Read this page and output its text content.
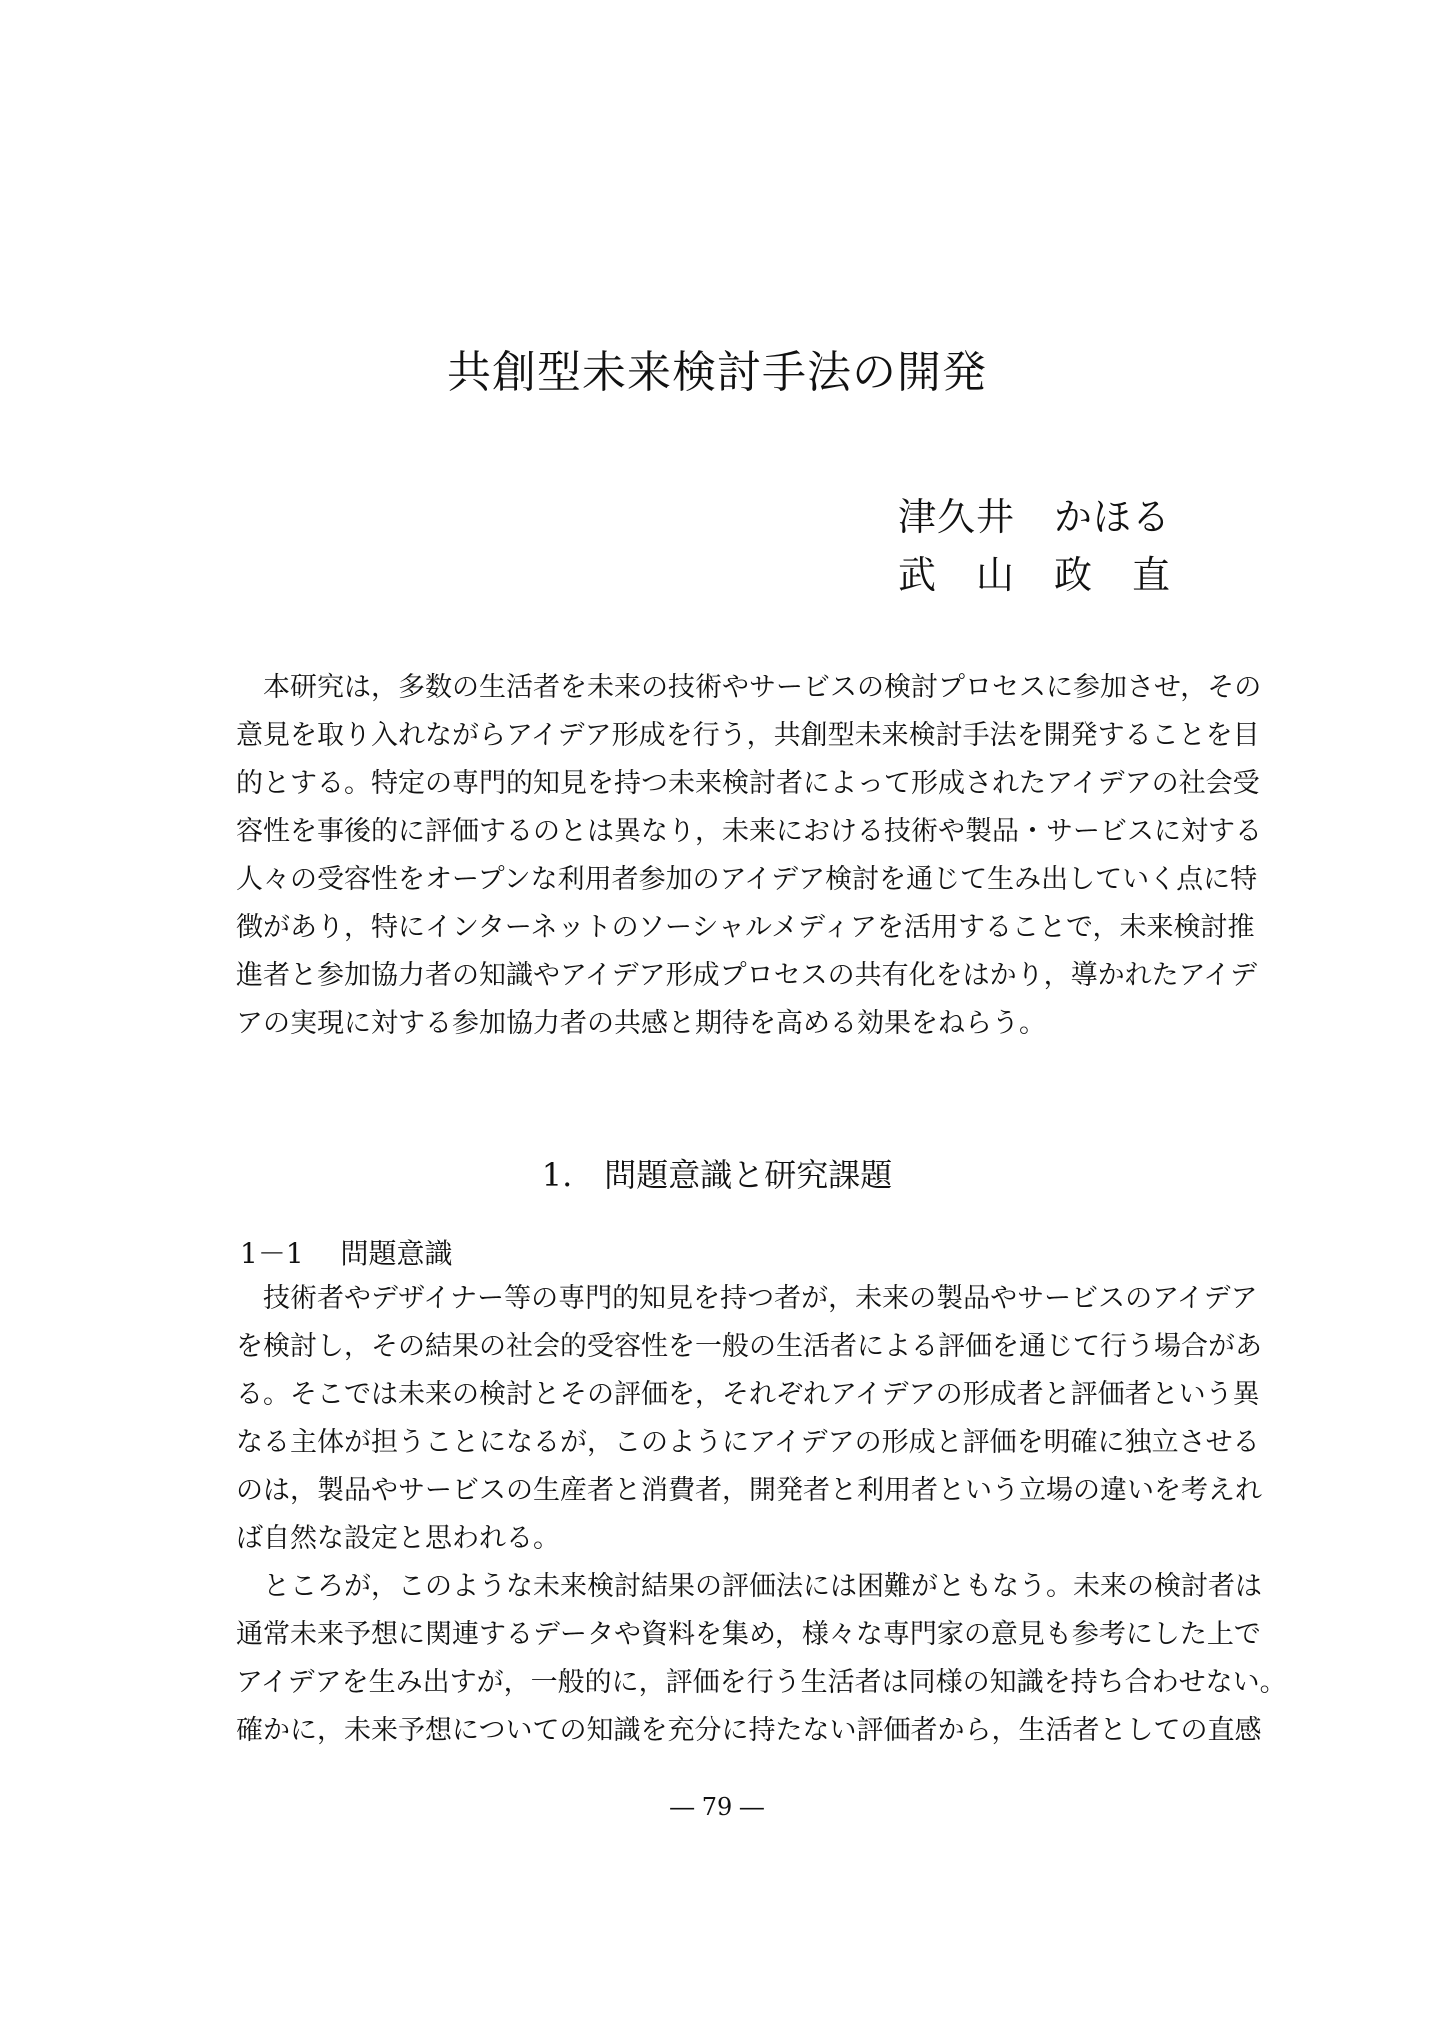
共創型未来検討手法の開発
津久井　かほる
武　山　政　直
本研究は，多数の生活者を未来の技術やサービスの検討プロセスに参加させ，その
意見を取り入れながらアイデア形成を行う，共創型未来検討手法を開発することを目
的とする。特定の専門的知見を持つ未来検討者によって形成されたアイデアの社会受
容性を事後的に評価するのとは異なり，未来における技術や製品・サービスに対する
人々の受容性をオープンな利用者参加のアイデア検討を通じて生み出していく点に特
徴があり，特にインターネットのソーシャルメディアを活用することで，未来検討推
進者と参加協力者の知識やアイデア形成プロセスの共有化をはかり，導かれたアイデ
アの実現に対する参加協力者の共感と期待を高める効果をねらう。
1.　問題意識と研究課題
1－1　 問題意識
技術者やデザイナー等の専門的知見を持つ者が，未来の製品やサービスのアイデア
を検討し，その結果の社会的受容性を一般の生活者による評価を通じて行う場合があ
る。そこでは未来の検討とその評価を，それぞれアイデアの形成者と評価者という異
なる主体が担うことになるが，このようにアイデアの形成と評価を明確に独立させる
のは，製品やサービスの生産者と消費者，開発者と利用者という立場の違いを考えれ
ば自然な設定と思われる。
ところが，このような未来検討結果の評価法には困難がともなう。未来の検討者は
通常未来予想に関連するデータや資料を集め，様々な専門家の意見も参考にした上で
アイデアを生み出すが，一般的に，評価を行う生活者は同様の知識を持ち合わせない。
確かに，未来予想についての知識を充分に持たない評価者から，生活者としての直感
― 79 ―
